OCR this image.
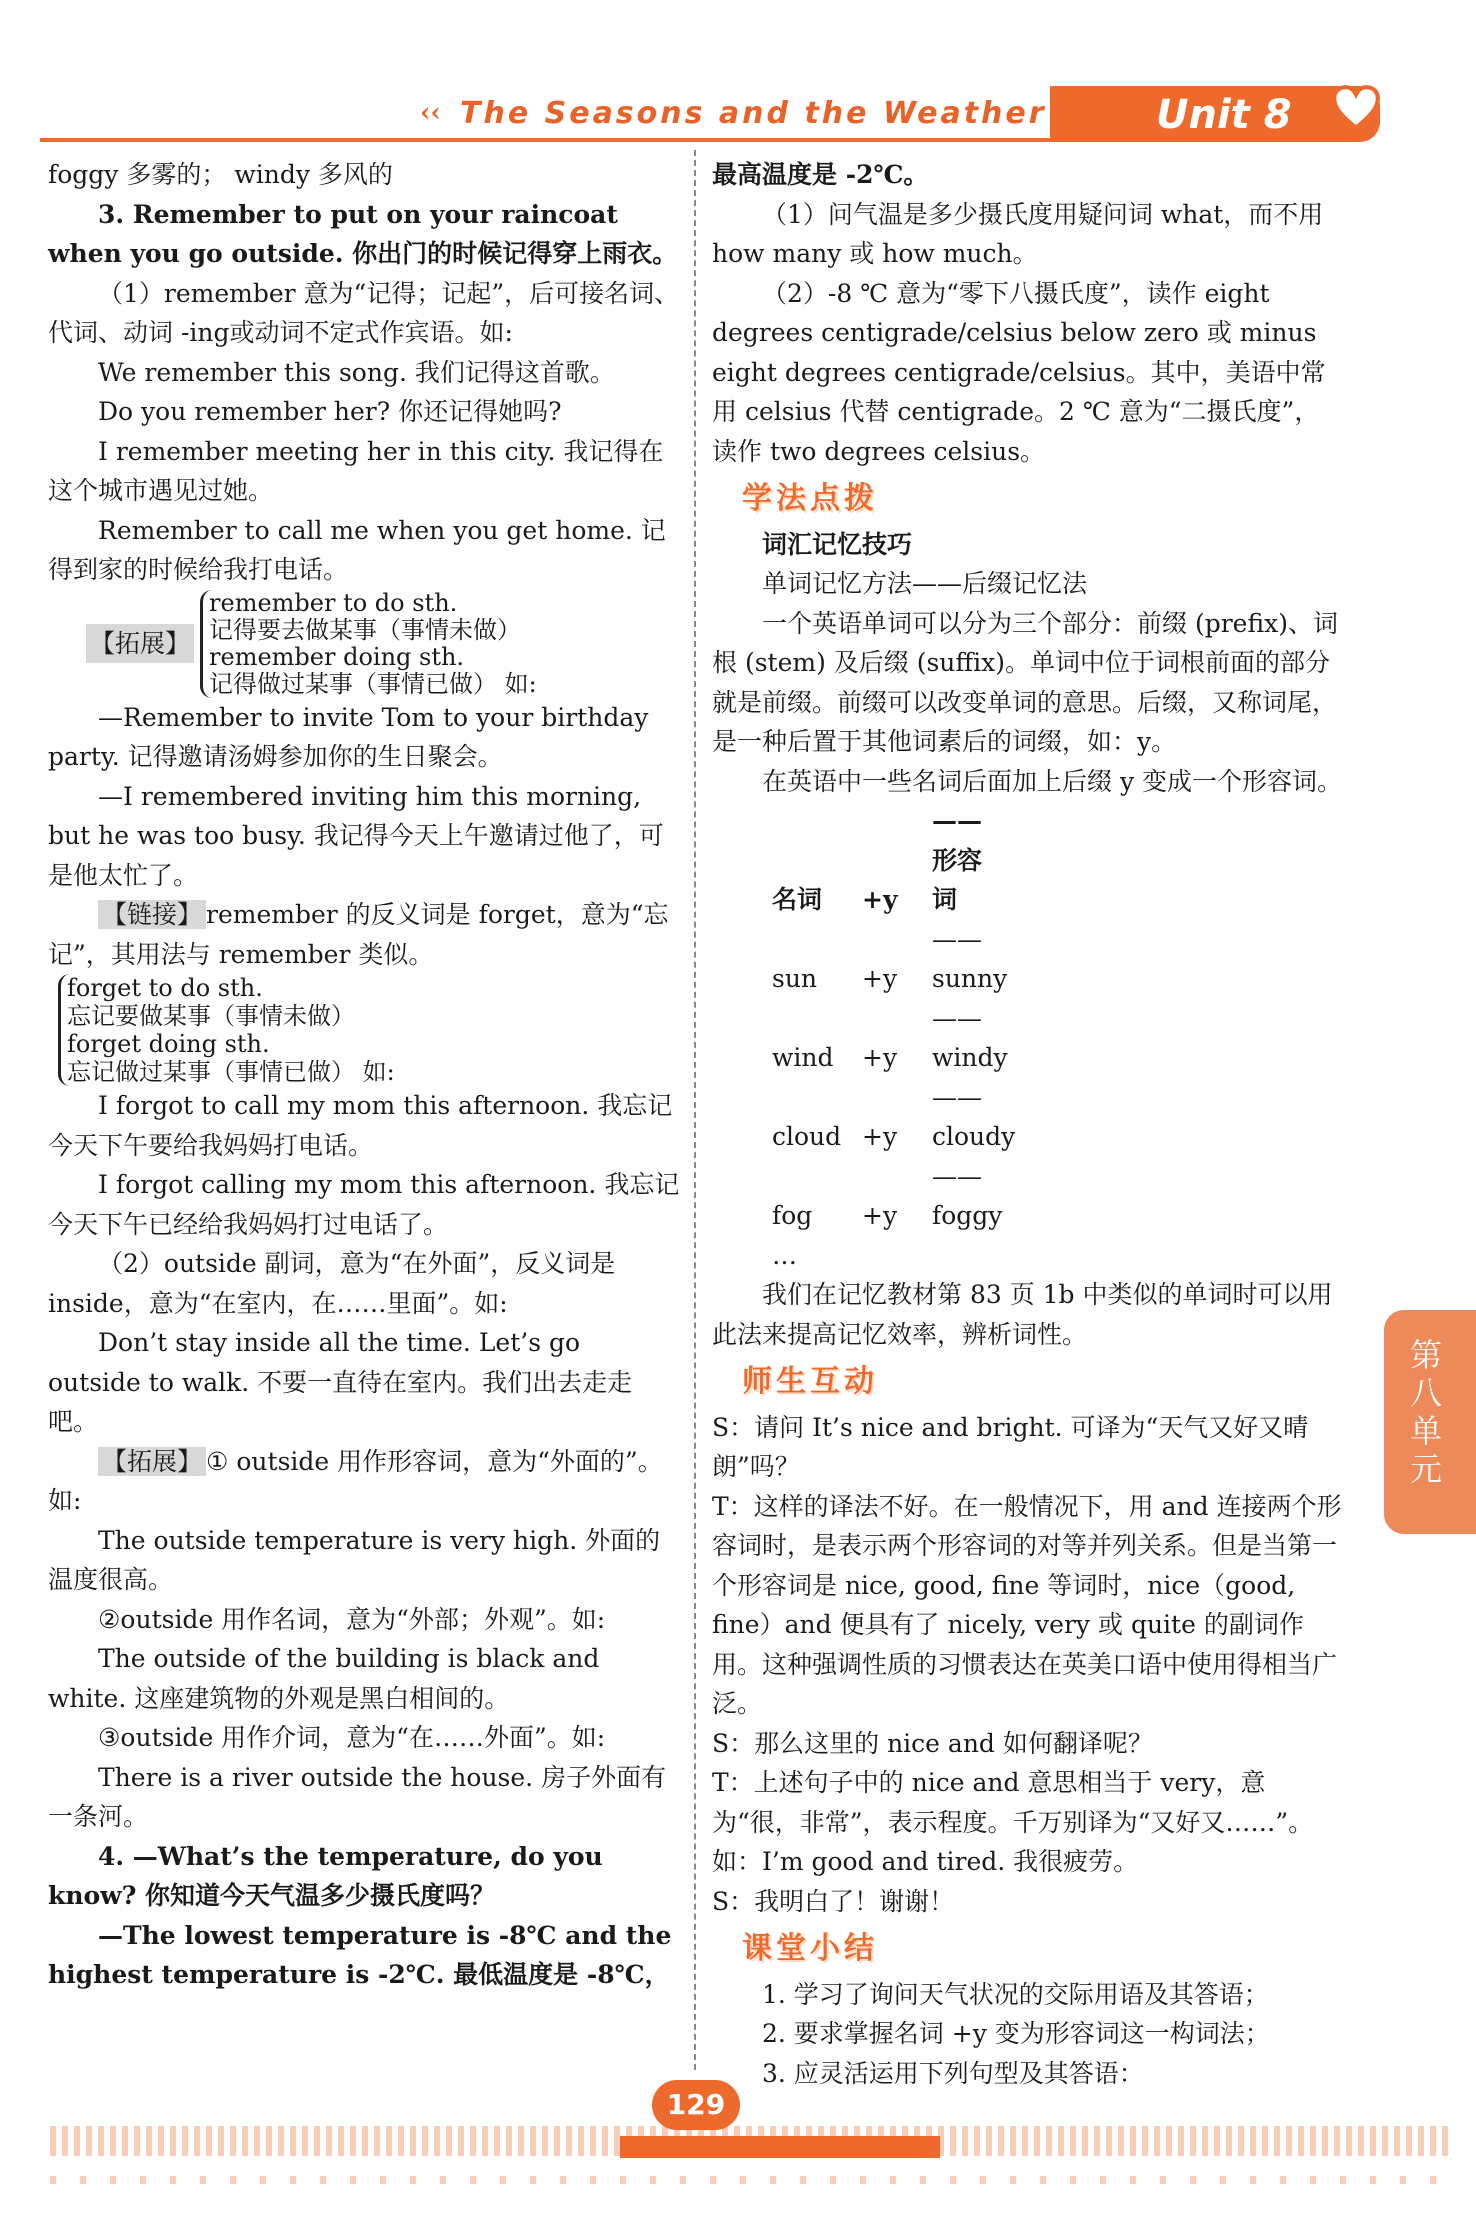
‹‹ The Seasons and the Weather	Unit 8

foggy 多雾的； windy 多风的

3. Remember to put on your raincoat when you go outside. 你出门的时候记得穿上雨衣。

（1）remember 意为“记得；记起”，后可接名词、代词、动词 -ing或动词不定式作宾语。如:

We remember this song. 我们记得这首歌。

Do you remember her? 你还记得她吗?

I remember meeting her in this city. 我记得在这个城市遇见过她。

Remember to call me when you get home. 记得到家的时候给我打电话。

【拓展】
remember to do sth.
记得要去做某事（事情未做）
remember doing sth.
记得做过某事（事情已做） 如:

—Remember to invite Tom to your birthday party. 记得邀请汤姆参加你的生日聚会。

—I remembered inviting him this morning, but he was too busy. 我记得今天上午邀请过他了，可是他太忙了。

【链接】 remember 的反义词是 forget，意为“忘记”，其用法与 remember 类似。

forget to do sth.
忘记要做某事（事情未做）
forget doing sth.
忘记做过某事（事情已做） 如:

I forgot to call my mom this afternoon. 我忘记今天下午要给我妈妈打电话。

I forgot calling my mom this afternoon. 我忘记今天下午已经给我妈妈打过电话了。

（2）outside 副词，意为“在外面”，反义词是 inside，意为“在室内，在……里面”。如:

Don’t stay inside all the time. Let’s go outside to walk. 不要一直待在室内。我们出去走走吧。

【拓展】 ① outside 用作形容词，意为“外面的”。如:

The outside temperature is very high. 外面的温度很高。

②outside 用作名词，意为“外部；外观”。如:

The outside of the building is black and white. 这座建筑物的外观是黑白相间的。

③outside 用作介词，意为“在……外面”。如:

There is a river outside the house. 房子外面有一条河。

4. —What’s the temperature, do you know? 你知道今天气温多少摄氏度吗？

—The lowest temperature is -8℃ and the highest temperature is -2℃. 最低温度是 -8℃，

最高温度是 -2℃。

（1）问气温是多少摄氏度用疑问词 what，而不用 how many 或 how much。

（2）-8 ℃ 意为“零下八摄氏度”，读作 eight degrees centigrade/celsius below zero 或 minus eight degrees centigrade/celsius。其中，美语中常用 celsius 代替 centigrade。2 ℃ 意为“二摄氏度”，读作 two degrees celsius。

学法点拨

词汇记忆技巧

单词记忆方法——后缀记忆法

一个英语单词可以分为三个部分：前缀 (prefix)、词根 (stem) 及后缀 (suffix)。单词中位于词根前面的部分就是前缀。前缀可以改变单词的意思。后缀，又称词尾，是一种后置于其他词素后的词缀，如：y。

在英语中一些名词后面加上后缀 y 变成一个形容词。

名词 +y——形容词
sun +y—— sunny
wind +y—— windy
cloud +y—— cloudy
fog +y—— foggy
…

我们在记忆教材第 83 页 1b 中类似的单词时可以用此法来提高记忆效率，辨析词性。

师生互动

S：请问 It’s nice and bright. 可译为“天气又好又晴朗”吗？

T：这样的译法不好。在一般情况下，用 and 连接两个形容词时，是表示两个形容词的对等并列关系。但是当第一个形容词是 nice, good, fine 等词时，nice（good, fine）and 便具有了 nicely, very 或 quite 的副词作用。这种强调性质的习惯表达在英美口语中使用得相当广泛。

S：那么这里的 nice and 如何翻译呢？

T：上述句子中的 nice and 意思相当于 very，意为“很，非常”，表示程度。千万别译为“又好又……”。如：I’m good and tired. 我很疲劳。

S：我明白了！谢谢！

课堂小结

1. 学习了询问天气状况的交际用语及其答语；

2. 要求掌握名词 +y 变为形容词这一构词法；

3. 应灵活运用下列句型及其答语：

第八单元
129
